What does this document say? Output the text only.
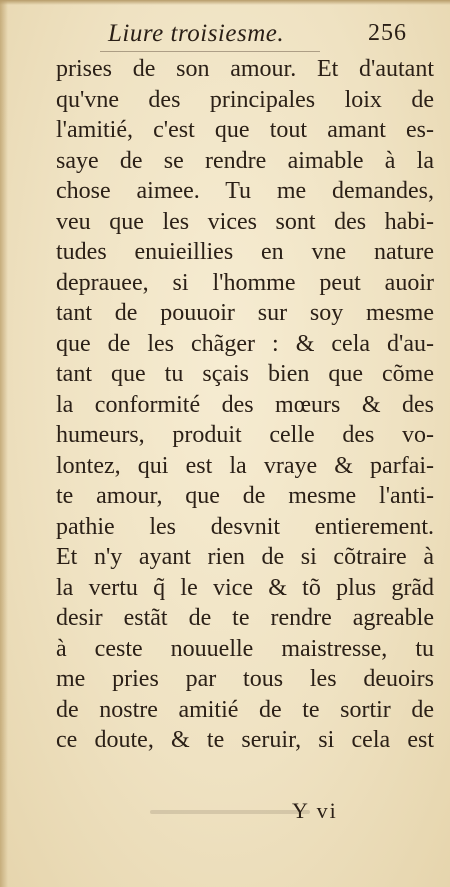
Liure troisiesme.	256
prises de son amour. Et d'autant
qu'vne des principales loix de
l'amitié, c'est que tout amant es-
saye de se rendre aimable à la
chose aimee. Tu me demandes,
veu que les vices sont des habi-
tudes enuieillies en vne nature
deprauee, si l'homme peut auoir
tant de pouuoir sur soy mesme
que de les chãger : & cela d'au-
tant que tu sçais bien que cõme
la conformité des mœurs & des
humeurs, produit celle des vo-
lontez, qui est la vraye & parfai-
te amour, que de mesme l'anti-
pathie les desvnit entierement.
Et n'y ayant rien de si cõtraire à
la vertu q̃ le vice & tõ plus grãd
desir estãt de te rendre agreable
à ceste nouuelle maistresse, tu
me pries par tous les deuoirs
de nostre amitié de te sortir de
ce doute, & te seruir, si cela est
Y vi
